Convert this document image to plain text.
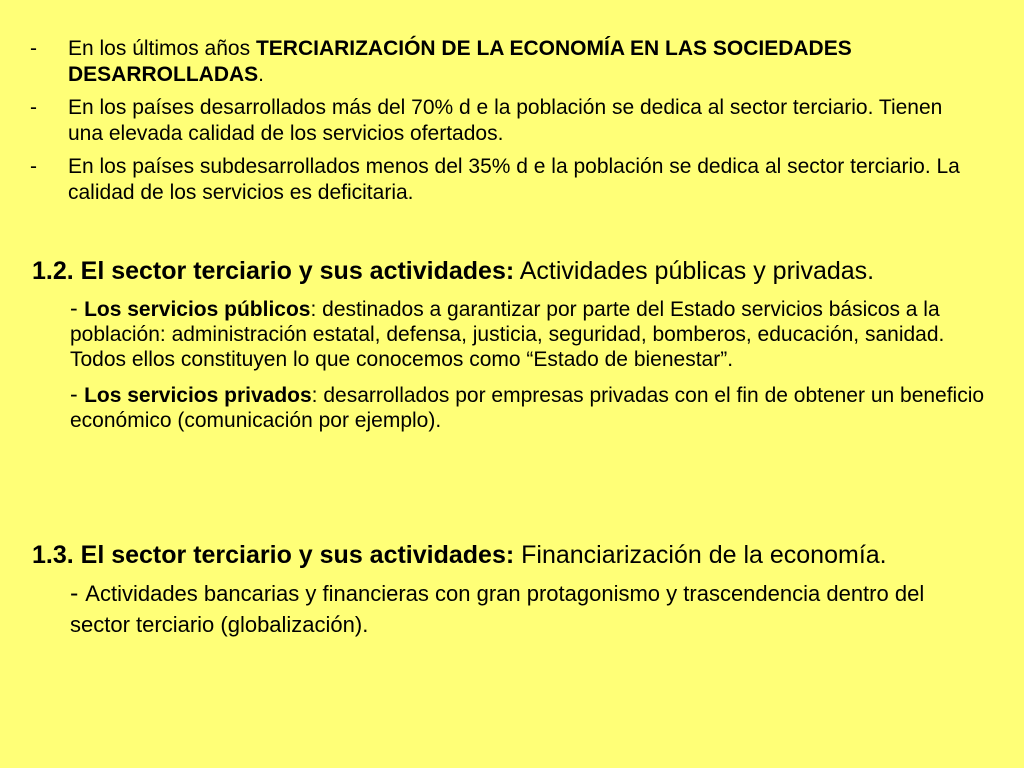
- En los últimos años TERCIARIZACIÓN DE LA ECONOMÍA EN LAS SOCIEDADES DESARROLLADAS.
- En los países desarrollados más del 70% d e la población se dedica al sector terciario. Tienen una elevada calidad de los servicios ofertados.
- En los países subdesarrollados menos del 35% d e la población se dedica al sector terciario. La calidad de los servicios es deficitaria.
1.2. El sector terciario y sus actividades: Actividades públicas y privadas.
- Los servicios públicos: destinados a garantizar por parte del Estado servicios básicos a la población: administración estatal, defensa, justicia, seguridad, bomberos, educación, sanidad. Todos ellos constituyen lo que conocemos como “Estado de bienestar”.
- Los servicios privados: desarrollados por empresas privadas con el fin de obtener un beneficio económico (comunicación por ejemplo).
1.3. El sector terciario y sus actividades: Financiarización de la economía.
- Actividades bancarias y financieras con gran protagonismo y trascendencia dentro del sector terciario (globalización).
